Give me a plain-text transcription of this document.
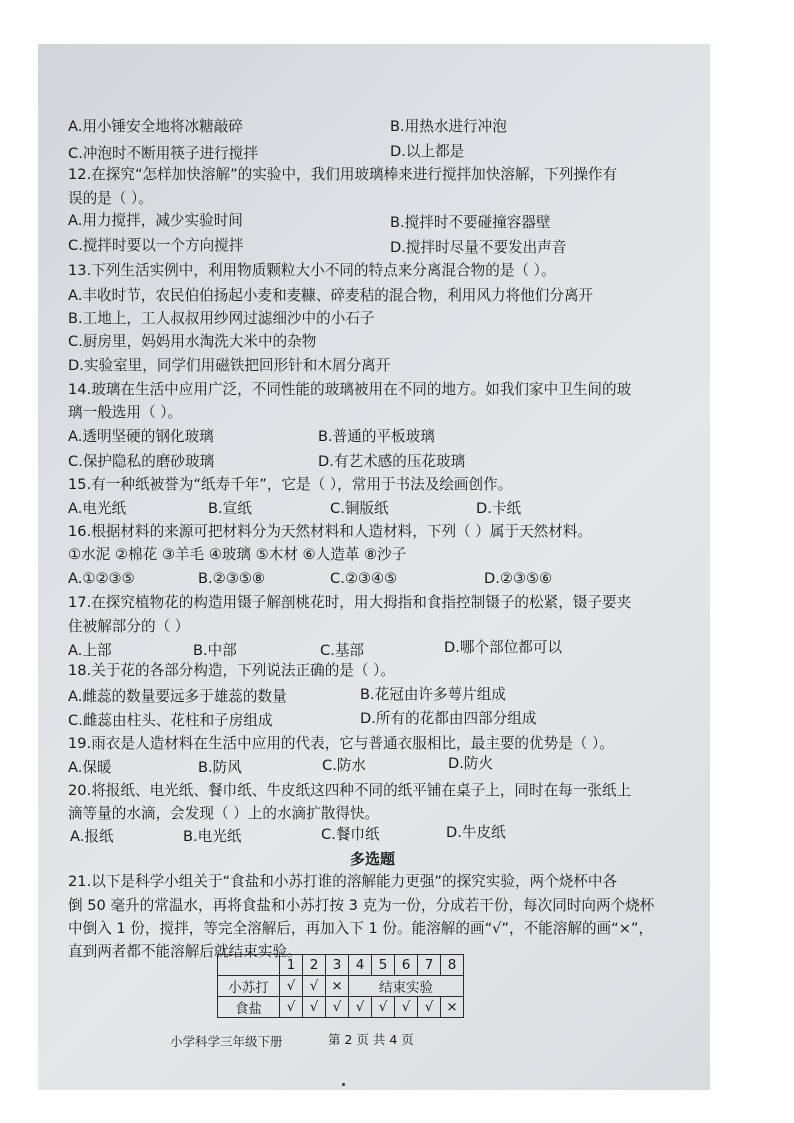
A.用小锤安全地将冰糖敲碎	B.用热水进行冲泡
C.冲泡时不断用筷子进行搅拌	D.以上都是
12.在探究“怎样加快溶解”的实验中，我们用玻璃棒来进行搅拌加快溶解，下列操作有
误的是（ ）。
A.用力搅拌，减少实验时间	B.搅拌时不要碰撞容器壁
C.搅拌时要以一个方向搅拌	D.搅拌时尽量不要发出声音
13.下列生活实例中，利用物质颗粒大小不同的特点来分离混合物的是（ ）。
A.丰收时节，农民伯伯扬起小麦和麦糠、碎麦秸的混合物，利用风力将他们分离开
B.工地上，工人叔叔用纱网过滤细沙中的小石子
C.厨房里，妈妈用水淘洗大米中的杂物
D.实验室里，同学们用磁铁把回形针和木屑分离开
14.玻璃在生活中应用广泛，不同性能的玻璃被用在不同的地方。如我们家中卫生间的玻
璃一般选用（ ）。
A.透明坚硬的钢化玻璃	B.普通的平板玻璃
C.保护隐私的磨砂玻璃	D.有艺术感的压花玻璃
15.有一种纸被誉为“纸寿千年”，它是（ ），常用于书法及绘画创作。
A.电光纸	B.宣纸	C.铜版纸	D.卡纸
16.根据材料的来源可把材料分为天然材料和人造材料，下列（ ）属于天然材料。
①水泥 ②棉花 ③羊毛 ④玻璃 ⑤木材 ⑥人造革 ⑧沙子
A.①②③⑤	B.②③⑤⑧	C.②③④⑤	D.②③⑤⑥
17.在探究植物花的构造用镊子解剖桃花时，用大拇指和食指控制镊子的松紧，镊子要夹
住被解部分的（ ）
A.上部	B.中部	C.基部	D.哪个部位都可以
18.关于花的各部分构造，下列说法正确的是（ ）。
A.雌蕊的数量要远多于雄蕊的数量	B.花冠由许多萼片组成
C.雌蕊由柱头、花柱和子房组成	D.所有的花都由四部分组成
19.雨衣是人造材料在生活中应用的代表，它与普通衣服相比，最主要的优势是（ ）。
A.保暖	B.防风	C.防水	D.防火
20.将报纸、电光纸、餐巾纸、牛皮纸这四种不同的纸平铺在桌子上，同时在每一张纸上
滴等量的水滴，会发现（ ）上的水滴扩散得快。
A.报纸	B.电光纸	C.餐巾纸	D.牛皮纸
多选题
21.以下是科学小组关于“食盐和小苏打谁的溶解能力更强”的探究实验，两个烧杯中各
倒 50 毫升的常温水，再将食盐和小苏打按 3 克为一份，分成若干份，每次同时向两个烧杯
中倒入 1 份，搅拌，等完全溶解后，再加入下 1 份。能溶解的画“√”，不能溶解的画“×”，
直到两者都不能溶解后就结束实验。
	1	2	3	4	5	6	7	8
小苏打	√	√	×	结束实验				
食盐	√	√	√	√	√	√	√	×
小学科学三年级下册	第 2 页 共 4 页
